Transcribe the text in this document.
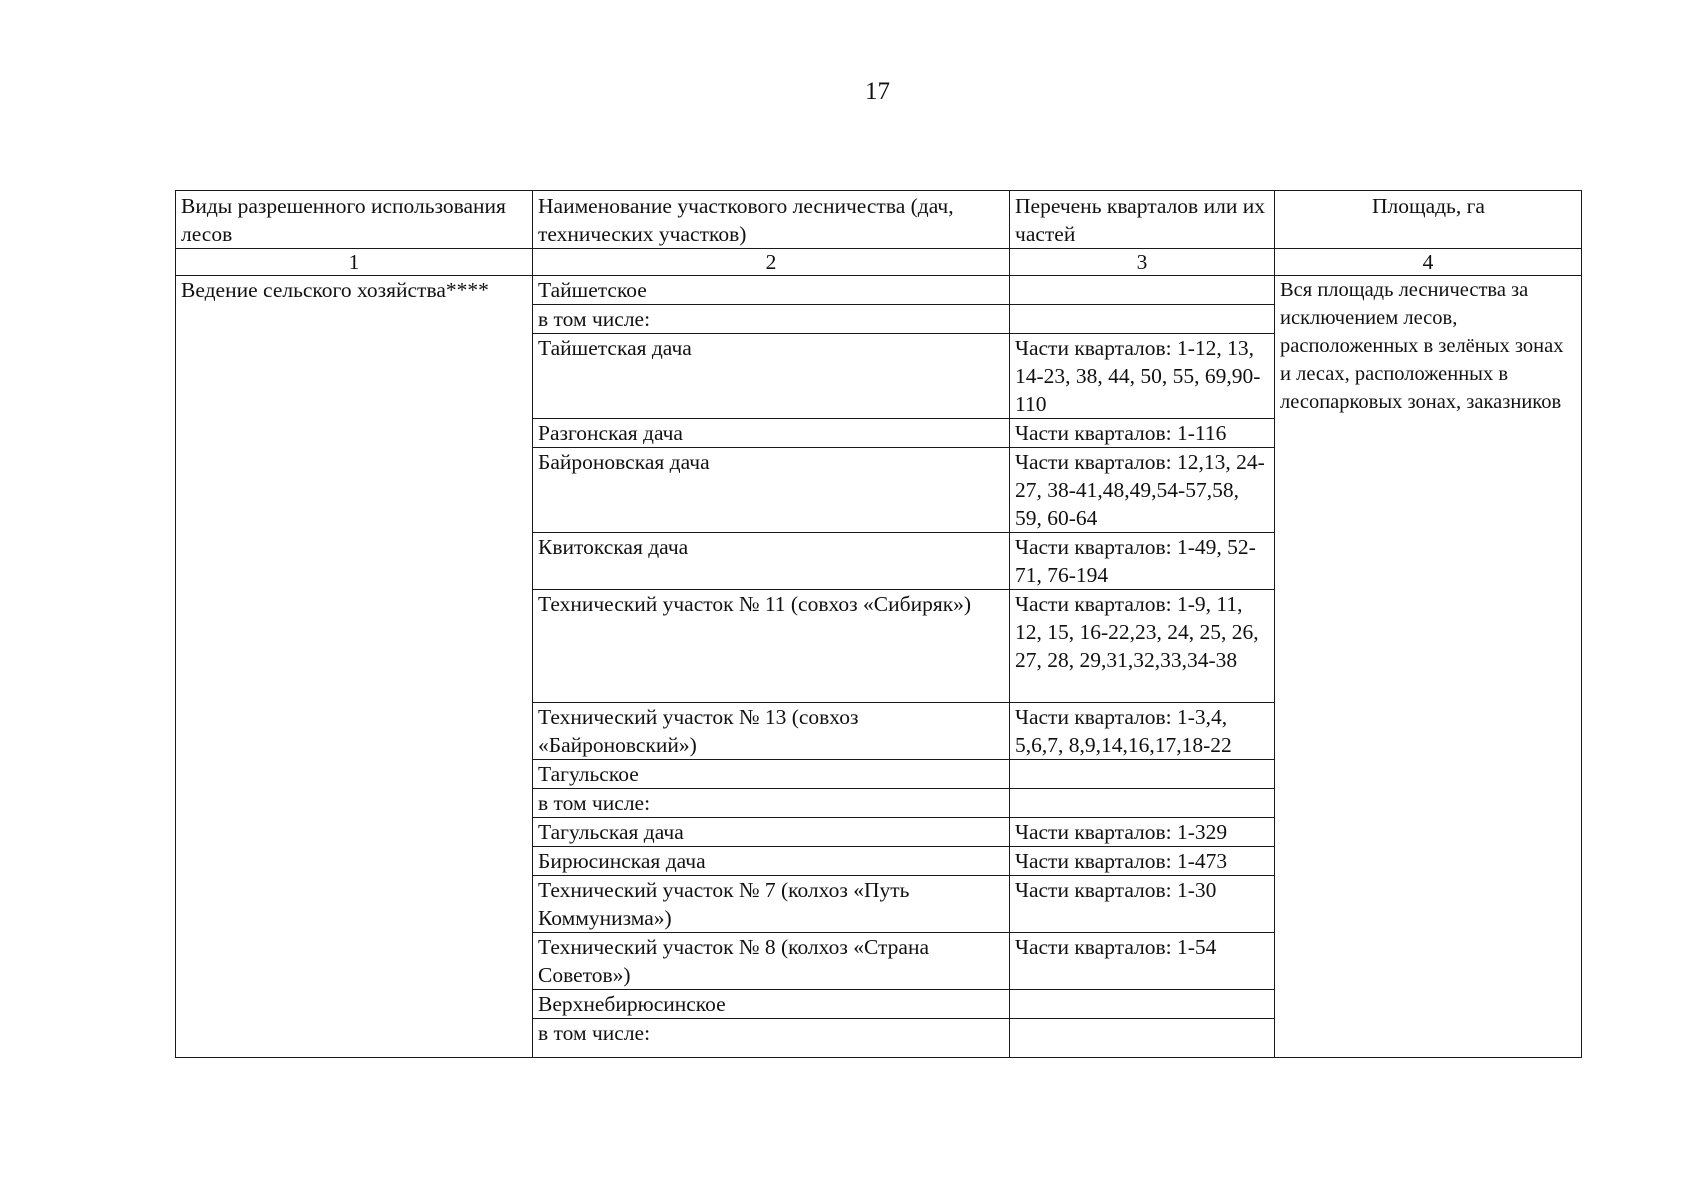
17
Виды разрешенного использования лесов	Наименование участкового лесничества (дач, технических участков)	Перечень кварталов или их частей	Площадь, га
1	2	3	4
Ведение сельского хозяйства****	Тайшетское		Вся площадь лесничества за исключением лесов, расположенных в зелёных зонах и лесах, расположенных в лесопарковых зонах, заказников
	в том числе:		
	Тайшетская дача	Части кварталов: 1-12, 13, 14-23, 38, 44, 50, 55, 69,90-110	
	Разгонская дача	Части кварталов: 1-116	
	Байроновская дача	Части кварталов: 12,13, 24-27, 38-41,48,49,54-57,58, 59, 60-64	
	Квитокская дача	Части кварталов: 1-49, 52-71, 76-194	
	Технический участок № 11 (совхоз «Сибиряк»)	Части кварталов: 1-9, 11, 12, 15, 16-22,23, 24, 25, 26, 27, 28, 29,31,32,33,34-38	
	Технический участок № 13 (совхоз «Байроновский»)	Части кварталов: 1-3,4, 5,6,7, 8,9,14,16,17,18-22	
	Тагульское		
	в том числе:		
	Тагульская дача	Части кварталов: 1-329	
	Бирюсинская дача	Части кварталов: 1-473	
	Технический участок № 7 (колхоз «Путь Коммунизма»)	Части кварталов: 1-30	
	Технический участок № 8 (колхоз «Страна Советов»)	Части кварталов: 1-54	
	Верхнебирюсинское		
	в том числе:		
